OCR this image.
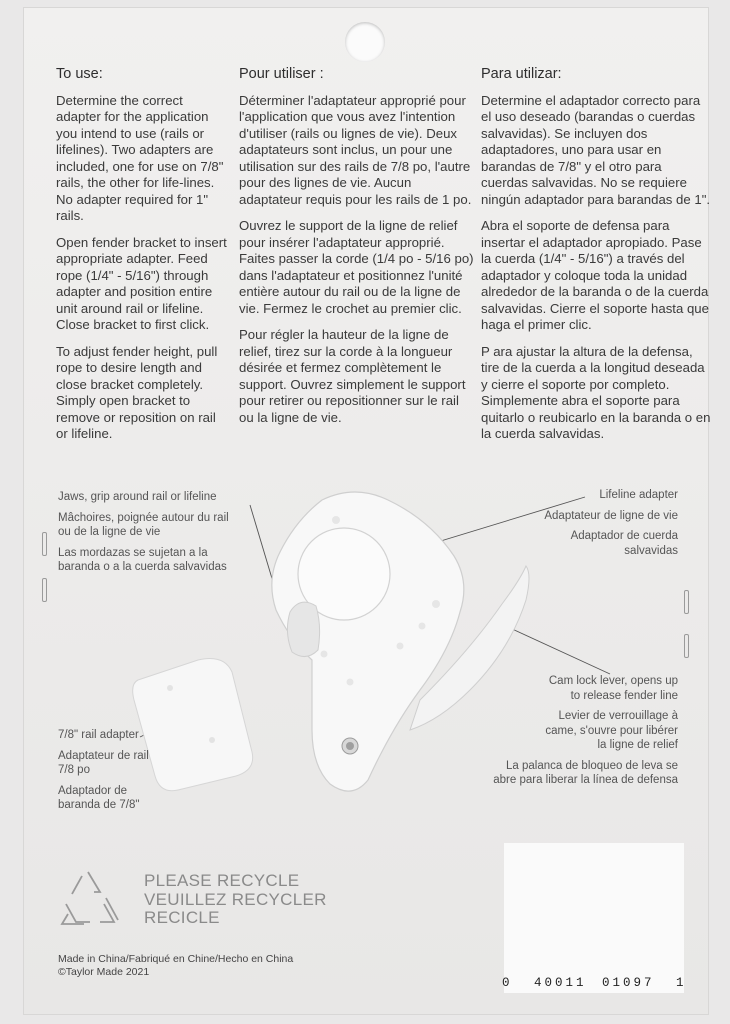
To use:

Determine the correct adapter for the application you intend to use (rails or lifelines). Two adapters are included, one for use on 7/8" rails, the other for life-lines. No adapter required for 1" rails.

Open fender bracket to insert appropriate adapter. Feed rope (1/4" - 5/16") through adapter and position entire unit around rail or lifeline. Close bracket to first click.

To adjust fender height, pull rope to desire length and close bracket completely. Simply open bracket to remove or reposition on rail or lifeline.

Pour utiliser :

Déterminer l'adaptateur approprié pour l'application que vous avez l'intention d'utiliser (rails ou lignes de vie). Deux adaptateurs sont inclus, un pour une utilisation sur des rails de 7/8 po, l'autre pour des lignes de vie. Aucun adaptateur requis pour les rails de 1 po.

Ouvrez le support de la ligne de relief pour insérer l'adaptateur approprié. Faites passer la corde (1/4 po - 5/16 po) dans l'adaptateur et positionnez l'unité entière autour du rail ou de la ligne de vie. Fermez le crochet au premier clic.

Pour régler la hauteur de la ligne de relief, tirez sur la corde à la longueur désirée et fermez complètement le support. Ouvrez simplement le support pour retirer ou repositionner sur le rail ou la ligne de vie.

Para utilizar:

Determine el adaptador correcto para el uso deseado (barandas o cuerdas salvavidas). Se incluyen dos adaptadores, uno para usar en barandas de 7/8" y el otro para cuerdas salvavidas. No se requiere ningún adaptador para barandas de 1".

Abra el soporte de defensa para insertar el adaptador apropiado. Pase la cuerda (1/4" - 5/16") a través del adaptador y coloque toda la unidad alrededor de la baranda o de la cuerda salvavidas. Cierre el soporte hasta que haga el primer clic.

P ara ajustar la altura de la defensa, tire de la cuerda a la longitud deseada y cierre el soporte por completo. Simplemente abra el soporte para quitarlo o reubicarlo en la baranda o en la cuerda salvavidas.

Jaws, grip around rail or lifeline

Mâchoires, poignée autour du rail ou de la ligne de vie

Las mordazas se sujetan a la baranda o a la cuerda salvavidas

Lifeline adapter

Adaptateur de ligne de vie

Adaptador de cuerda salvavidas

7/8" rail adapter

Adaptateur de rail 7/8 po

Adaptador de baranda de 7/8"

Cam lock lever, opens up to release fender line

Levier de verrouillage à came, s'ouvre pour libérer la ligne de relief

La palanca de bloqueo de leva se abre para liberar la línea de defensa

PLEASE RECYCLE
VEUILLEZ RECYCLER
RECICLE
Made in China/Fabriqué en Chine/Hecho en China
©Taylor Made 2021
0 40011 01097 1
